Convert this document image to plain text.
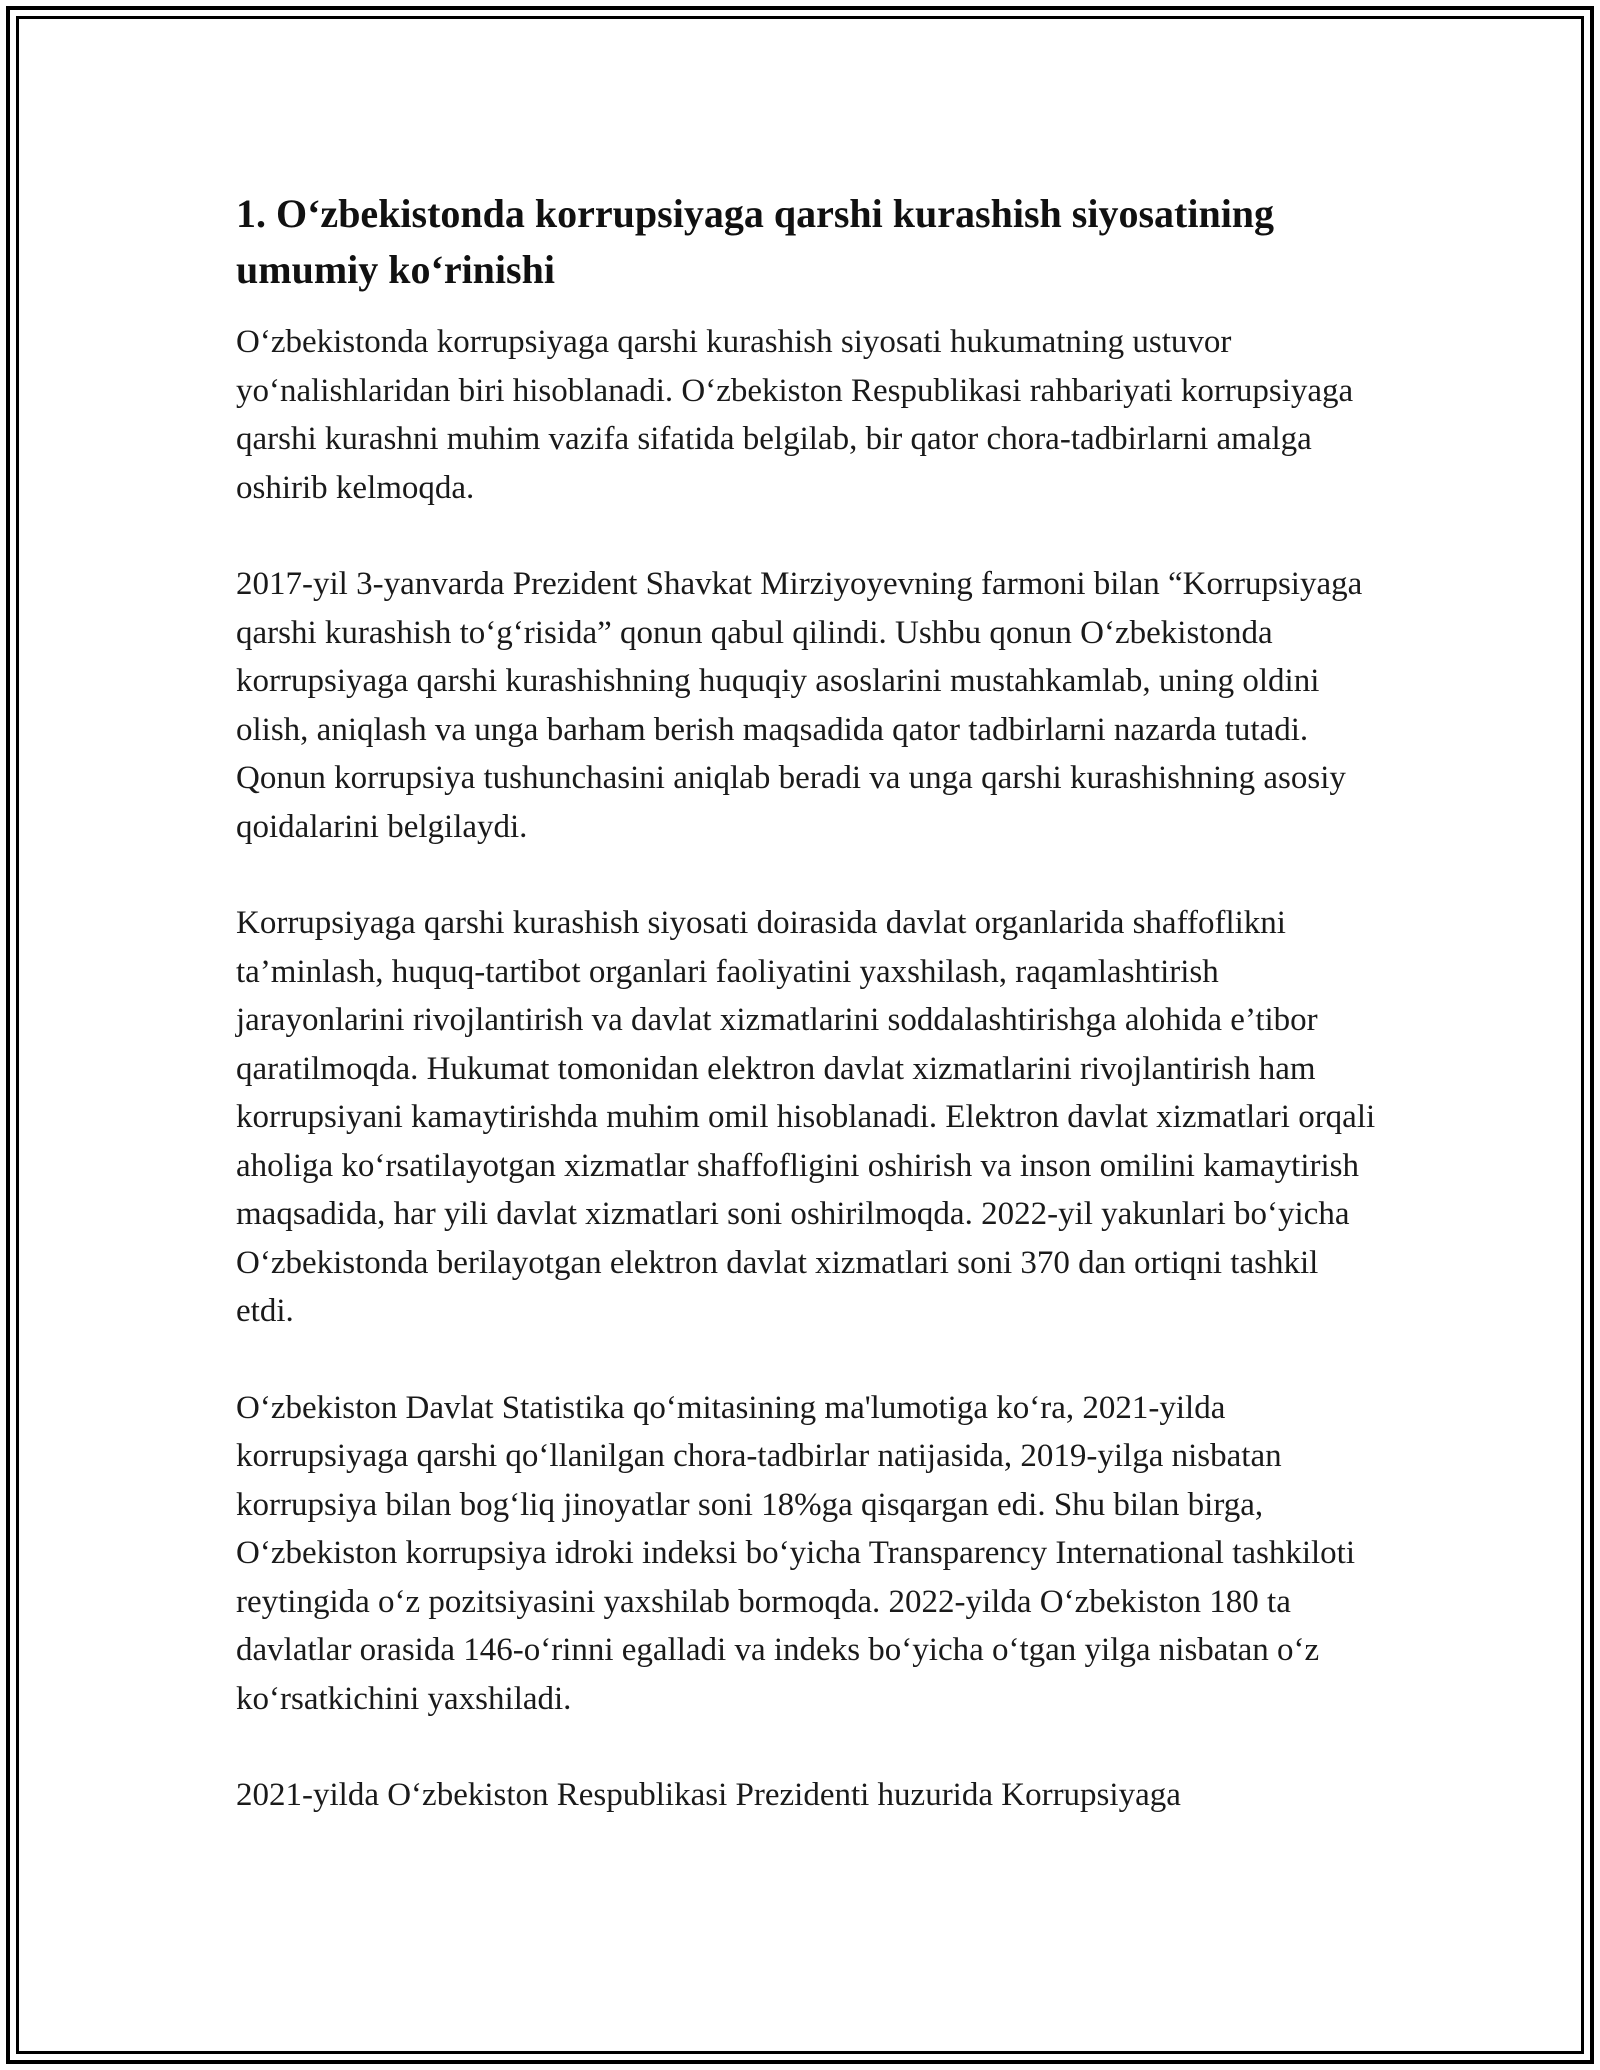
1. O‘zbekistonda korrupsiyaga qarshi kurashish siyosatining umumiy ko‘rinishi

O‘zbekistonda korrupsiyaga qarshi kurashish siyosati hukumatning ustuvor yo‘nalishlaridan biri hisoblanadi. O‘zbekiston Respublikasi rahbariyati korrupsiyaga qarshi kurashni muhim vazifa sifatida belgilab, bir qator chora-tadbirlarni amalga oshirib kelmoqda.

2017-yil 3-yanvarda Prezident Shavkat Mirziyoyevning farmoni bilan “Korrupsiyaga qarshi kurashish to‘g‘risida” qonun qabul qilindi. Ushbu qonun O‘zbekistonda korrupsiyaga qarshi kurashishning huquqiy asoslarini mustahkamlab, uning oldini olish, aniqlash va unga barham berish maqsadida qator tadbirlarni nazarda tutadi. Qonun korrupsiya tushunchasini aniqlab beradi va unga qarshi kurashishning asosiy qoidalarini belgilaydi.

Korrupsiyaga qarshi kurashish siyosati doirasida davlat organlarida shaffoflikni ta’minlash, huquq-tartibot organlari faoliyatini yaxshilash, raqamlashtirish jarayonlarini rivojlantirish va davlat xizmatlarini soddalashtirishga alohida e’tibor qaratilmoqda. Hukumat tomonidan elektron davlat xizmatlarini rivojlantirish ham korrupsiyani kamaytirishda muhim omil hisoblanadi. Elektron davlat xizmatlari orqali aholiga ko‘rsatilayotgan xizmatlar shaffofligini oshirish va inson omilini kamaytirish maqsadida, har yili davlat xizmatlari soni oshirilmoqda. 2022-yil yakunlari bo‘yicha O‘zbekistonda berilayotgan elektron davlat xizmatlari soni 370 dan ortiqni tashkil etdi.

O‘zbekiston Davlat Statistika qo‘mitasining ma'lumotiga ko‘ra, 2021-yilda korrupsiyaga qarshi qo‘llanilgan chora-tadbirlar natijasida, 2019-yilga nisbatan korrupsiya bilan bog‘liq jinoyatlar soni 18%ga qisqargan edi. Shu bilan birga, O‘zbekiston korrupsiya idroki indeksi bo‘yicha Transparency International tashkiloti reytingida o‘z pozitsiyasini yaxshilab bormoqda. 2022-yilda O‘zbekiston 180 ta davlatlar orasida 146-o‘rinni egalladi va indeks bo‘yicha o‘tgan yilga nisbatan o‘z ko‘rsatkichini yaxshiladi.

2021-yilda O‘zbekiston Respublikasi Prezidenti huzurida Korrupsiyaga
